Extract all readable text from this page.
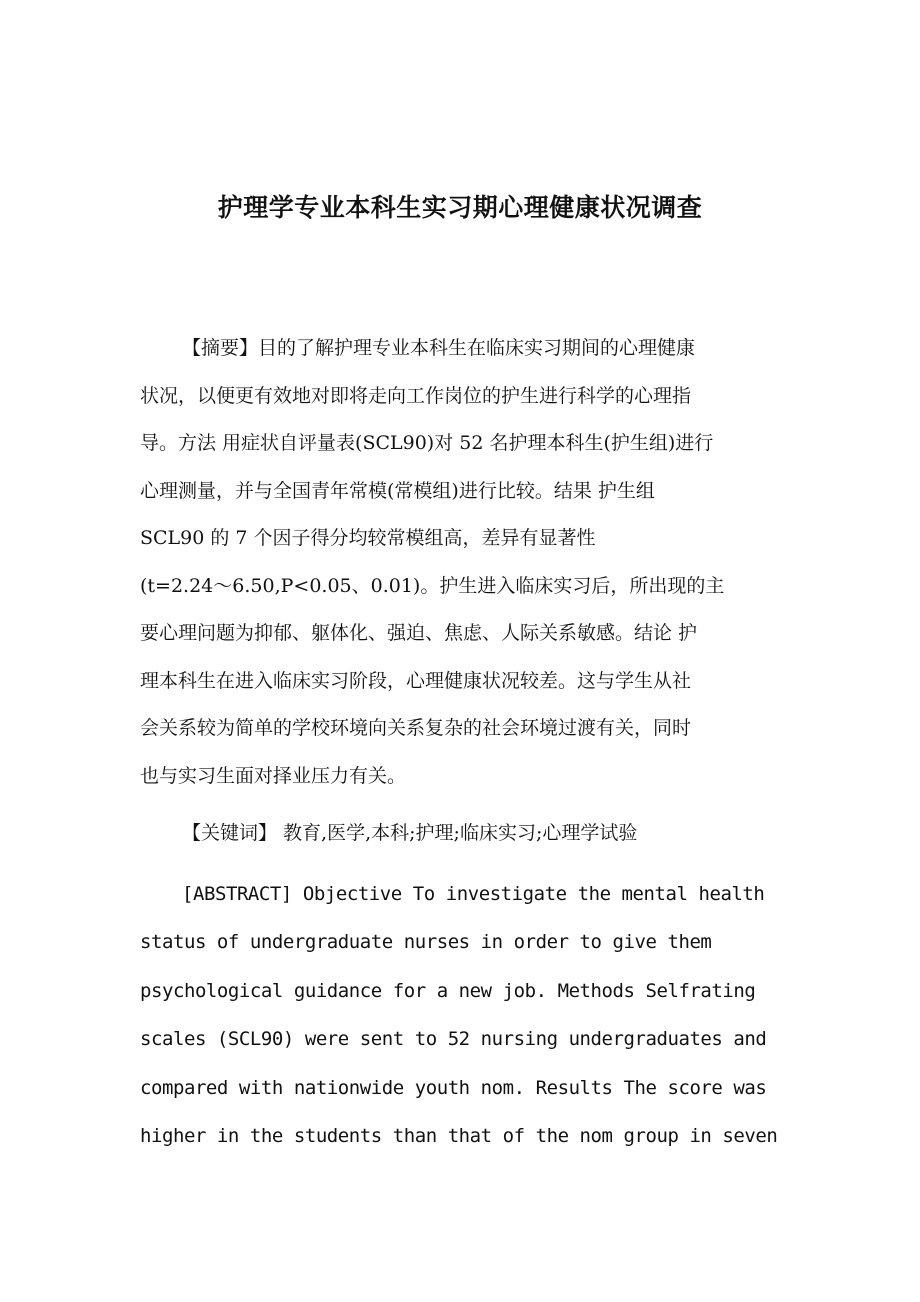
护理学专业本科生实习期心理健康状况调查

【摘要】目的了解护理专业本科生在临床实习期间的心理健康
状况，以便更有效地对即将走向工作岗位的护生进行科学的心理指
导。方法 用症状自评量表(SCL90)对 52 名护理本科生(护生组)进行
心理测量，并与全国青年常模(常模组)进行比较。结果 护生组
SCL90 的 7 个因子得分均较常模组高，差异有显著性
(t=2.24～6.50,P<0.05、0.01)。护生进入临床实习后，所出现的主
要心理问题为抑郁、躯体化、强迫、焦虑、人际关系敏感。结论 护
理本科生在进入临床实习阶段，心理健康状况较差。这与学生从社
会关系较为简单的学校环境向关系复杂的社会环境过渡有关，同时
也与实习生面对择业压力有关。

【关键词】 教育,医学,本科;护理;临床实习;心理学试验

[ABSTRACT] Objective To investigate the mental health
status of undergraduate nurses in order to give them
psychological guidance for a new job. Methods Selfrating
scales (SCL90) were sent to 52 nursing undergraduates and
compared with nationwide youth nom. Results The score was
higher in the students than that of the nom group in seven
